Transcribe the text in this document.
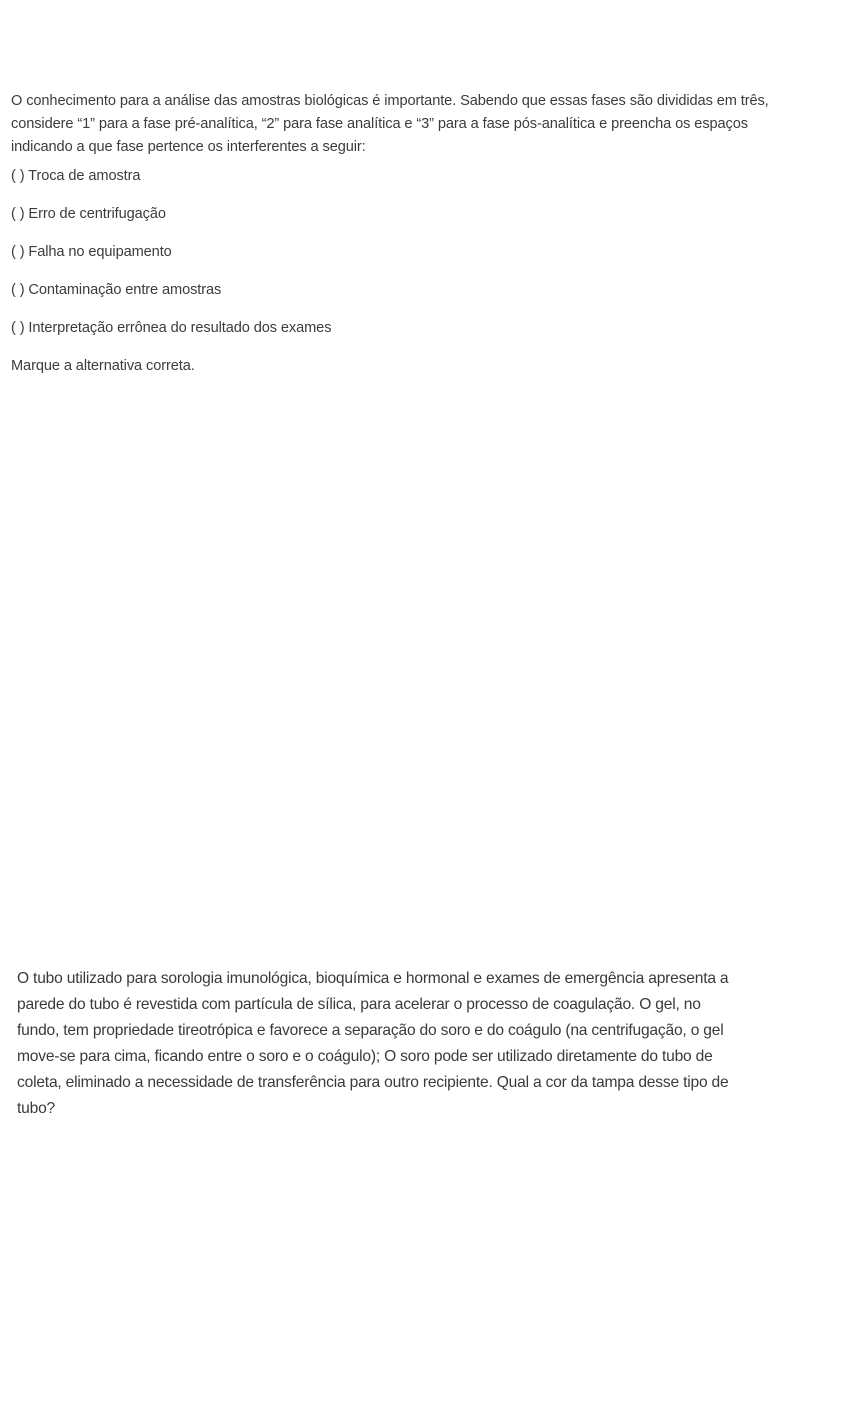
O conhecimento para a análise das amostras biológicas é importante. Sabendo que essas fases são divididas em três, considere “1” para a fase pré-analítica, “2” para fase analítica e “3” para a fase pós-analítica e preencha os espaços indicando a que fase pertence os interferentes a seguir:

( ) Troca de amostra

( ) Erro de centrifugação

( ) Falha no equipamento

( ) Contaminação entre amostras

( ) Interpretação errônea do resultado dos exames

Marque a alternativa correta.

O tubo utilizado para sorologia imunológica, bioquímica e hormonal e exames de emergência apresenta a parede do tubo é revestida com partícula de sílica, para acelerar o processo de coagulação. O gel, no fundo, tem propriedade tireotrópica e favorece a separação do soro e do coágulo (na centrifugação, o gel move-se para cima, ficando entre o soro e o coágulo); O soro pode ser utilizado diretamente do tubo de coleta, eliminado a necessidade de transferência para outro recipiente. Qual a cor da tampa desse tipo de tubo?
